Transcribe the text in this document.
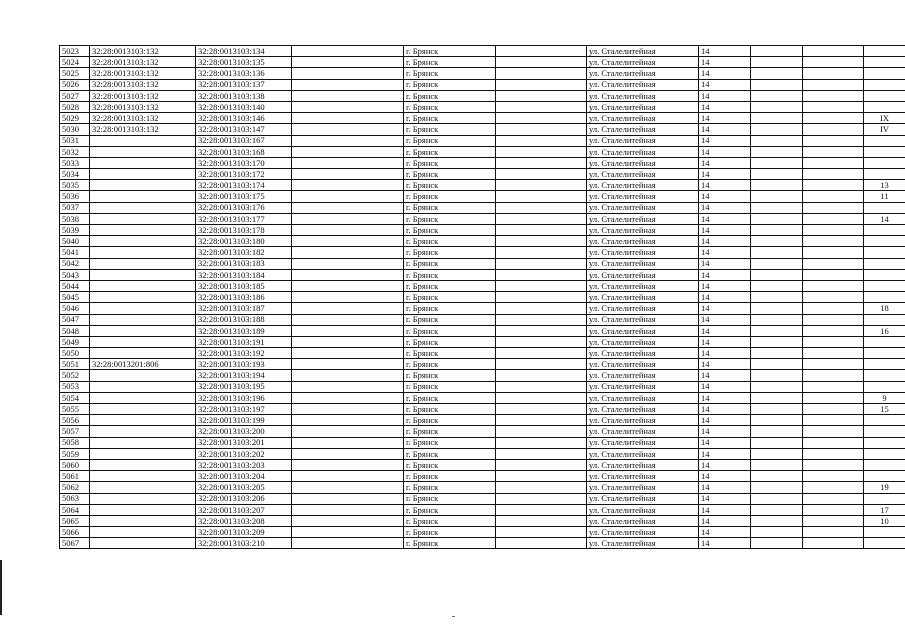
5023	32:28:0013103:132	32:28:0013103:134		г. Брянск		ул. Сталелитейная	14			
5024	32:28:0013103:132	32:28:0013103:135		г. Брянск		ул. Сталелитейная	14			
5025	32:28:0013103:132	32:28:0013103:136		г. Брянск		ул. Сталелитейная	14			
5026	32:28:0013103:132	32:28:0013103:137		г. Брянск		ул. Сталелитейная	14			
5027	32:28:0013103:132	32:28:0013103:138		г. Брянск		ул. Сталелитейная	14			
5028	32:28:0013103:132	32:28:0013103:140		г. Брянск		ул. Сталелитейная	14			
5029	32:28:0013103:132	32:28:0013103:146		г. Брянск		ул. Сталелитейная	14			IX
5030	32:28:0013103:132	32:28:0013103:147		г. Брянск		ул. Сталелитейная	14			IV
5031		32:28:0013103:167		г. Брянск		ул. Сталелитейная	14			
5032		32:28:0013103:168		г. Брянск		ул. Сталелитейная	14			
5033		32:28:0013103:170		г. Брянск		ул. Сталелитейная	14			
5034		32:28:0013103:172		г. Брянск		ул. Сталелитейная	14			
5035		32:28:0013103:174		г. Брянск		ул. Сталелитейная	14			13
5036		32:28:0013103:175		г. Брянск		ул. Сталелитейная	14			11
5037		32:28:0013103:176		г. Брянск		ул. Сталелитейная	14			
5038		32:28:0013103:177		г. Брянск		ул. Сталелитейная	14			14
5039		32:28:0013103:178		г. Брянск		ул. Сталелитейная	14			
5040		32:28:0013103:180		г. Брянск		ул. Сталелитейная	14			
5041		32:28:0013103:182		г. Брянск		ул. Сталелитейная	14			
5042		32:28:0013103:183		г. Брянск		ул. Сталелитейная	14			
5043		32:28:0013103:184		г. Брянск		ул. Сталелитейная	14			
5044		32:28:0013103:185		г. Брянск		ул. Сталелитейная	14			
5045		32:28:0013103:186		г. Брянск		ул. Сталелитейная	14			
5046		32:28:0013103:187		г. Брянск		ул. Сталелитейная	14			18
5047		32:28:0013103:188		г. Брянск		ул. Сталелитейная	14			
5048		32:28:0013103:189		г. Брянск		ул. Сталелитейная	14			16
5049		32:28:0013103:191		г. Брянск		ул. Сталелитейная	14			
5050		32:28:0013103:192		г. Брянск		ул. Сталелитейная	14			
5051	32:28:0013201:806	32:28:0013103:193		г. Брянск		ул. Сталелитейная	14			
5052		32:28:0013103:194		г. Брянск		ул. Сталелитейная	14			
5053		32:28:0013103:195		г. Брянск		ул. Сталелитейная	14			
5054		32:28:0013103:196		г. Брянск		ул. Сталелитейная	14			9
5055		32:28:0013103:197		г. Брянск		ул. Сталелитейная	14			15
5056		32:28:0013103:199		г. Брянск		ул. Сталелитейная	14			
5057		32:28:0013103:200		г. Брянск		ул. Сталелитейная	14			
5058		32:28:0013103:201		г. Брянск		ул. Сталелитейная	14			
5059		32:28:0013103:202		г. Брянск		ул. Сталелитейная	14			
5060		32:28:0013103:203		г. Брянск		ул. Сталелитейная	14			
5061		32:28:0013103:204		г. Брянск		ул. Сталелитейная	14			
5062		32:28:0013103:205		г. Брянск		ул. Сталелитейная	14			19
5063		32:28:0013103:206		г. Брянск		ул. Сталелитейная	14			
5064		32:28:0013103:207		г. Брянск		ул. Сталелитейная	14			17
5065		32:28:0013103:208		г. Брянск		ул. Сталелитейная	14			10
5066		32:28:0013103:209		г. Брянск		ул. Сталелитейная	14			
5067		32:28:0013103:210		г. Брянск		ул. Сталелитейная	14			
